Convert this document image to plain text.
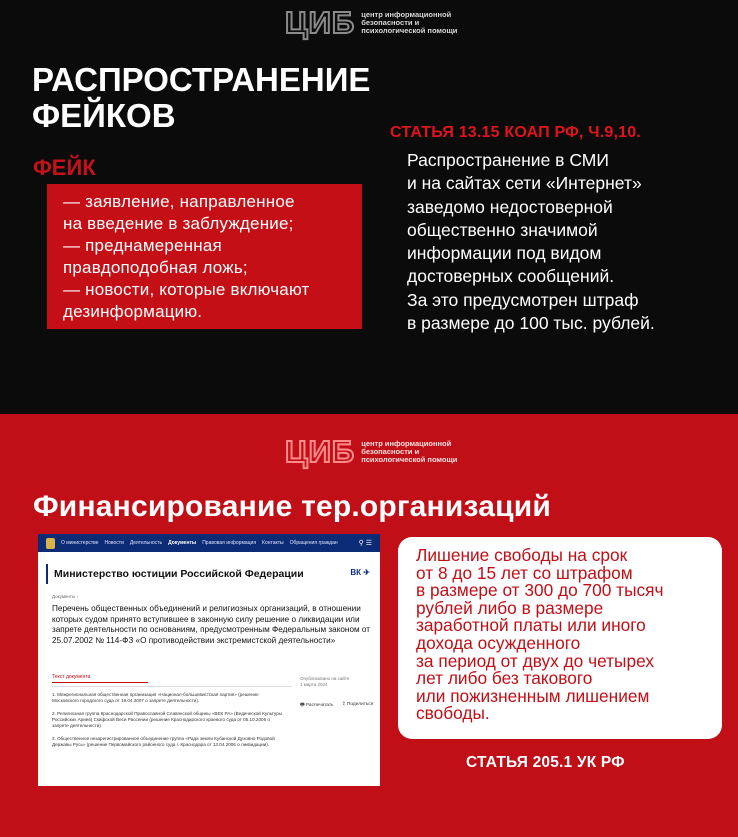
ЦИБ центр информационной безопасности и психологической помощи
РАСПРОСТРАНЕНИЕ ФЕЙКОВ
ФЕЙК

— заявление, направленное

на введение в заблуждение;

— преднамеренная

правдоподобная ложь;

— новости, которые включают

дезинформацию.

СТАТЬЯ 13.15 КОАП РФ, Ч.9,10.
Распространение в СМИ
и на сайтах сети «Интернет»
заведомо недостоверной
общественно значимой
информации под видом
достоверных сообщений.
За это предусмотрен штраф
в размере до 100 тыс. рублей.
ЦИБ центр информационной безопасности и психологической помощи
Финансирование тер.организаций
О министерстве Новости Деятельность Документы Правовая информация Контакты Обращения граждан	⚲ ☰
Министерство юстиции Российской Федерации	ВК ✈
Документы ›
Перечень общественных объединений и религиозных организаций, в отношении которых судом принято вступившее в законную силу решение о ликвидации или запрете деятельности по основаниям, предусмотренным Федеральным законом от 25.07.2002 № 114-ФЗ «О противодействии экстремистской деятельности»
Текст документа

1. Межрегиональная общественная организация «Национал-большевистская партия» (решение Московского городского суда от 19.04.2007 о запрете деятельности).

2. Религиозная группа Краснодарской Православной Славянской общины «ВЕК РА» (Ведической Культуры Российских Ариев) Скифской Веси Рассении (решение Краснодарского краевого суда от 05.10.2006 о запрете деятельности).

3. Общественное незарегистрированное объединение группа «Рада земли Кубанской Духовно Родовой Державы Русь» (решение Первомайского районного суда г. Краснодара от 13.04.2006 о ликвидации).

Опубликовано на сайте
1 марта 2024
🖶 Распечатать ⇪ Поделиться

Лишение свободы на срок

от 8 до 15 лет со штрафом

в размере от 300 до 700 тысяч

рублей либо в размере

заработной платы или иного

дохода осужденного

за период от двух до четырех

лет либо без такового

или пожизненным лишением

свободы.

СТАТЬЯ 205.1 УК РФ
